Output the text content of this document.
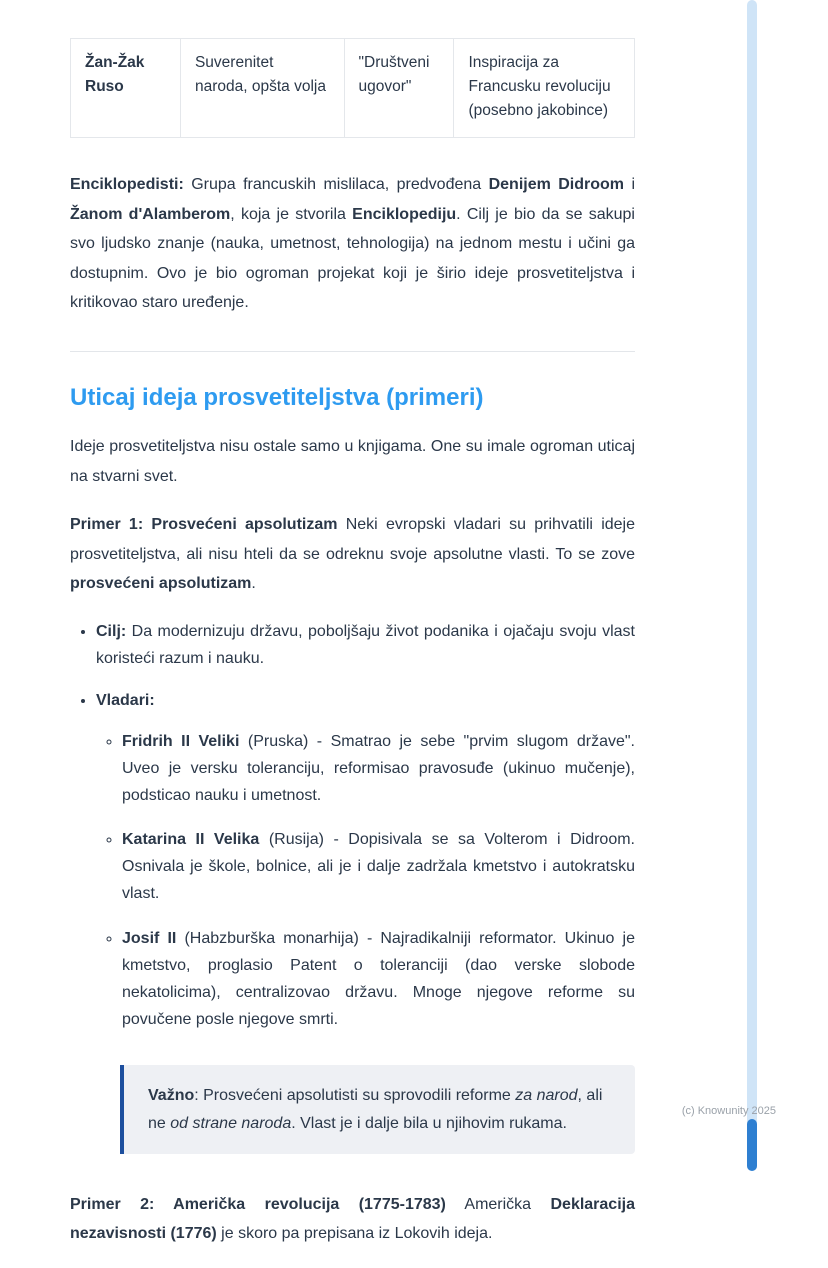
Žan-Žak Ruso	Suverenitet naroda, opšta volja	"Društveni ugovor"	Inspiracija za Francusku revoluciju (posebno jakobince)

Enciklopedisti: Grupa francuskih mislilaca, predvođena Denijem Didroom i Žanom d'Alamberom, koja je stvorila Enciklopediju. Cilj je bio da se sakupi svo ljudsko znanje (nauka, umetnost, tehnologija) na jednom mestu i učini ga dostupnim. Ovo je bio ogroman projekat koji je širio ideje prosvetiteljstva i kritikovao staro uređenje.

Uticaj ideja prosvetiteljstva (primeri)

Ideje prosvetiteljstva nisu ostale samo u knjigama. One su imale ogroman uticaj na stvarni svet.

Primer 1: Prosvećeni apsolutizam Neki evropski vladari su prihvatili ideje prosvetiteljstva, ali nisu hteli da se odreknu svoje apsolutne vlasti. To se zove prosvećeni apsolutizam.

• Cilj: Da modernizuju državu, poboljšaju život podanika i ojačaju svoju vlast koristeći razum i nauku.
• Vladari:
◦ Fridrih II Veliki (Pruska) - Smatrao je sebe "prvim slugom države". Uveo je versku toleranciju, reformisao pravosuđe (ukinuo mučenje), podsticao nauku i umetnost.
◦ Katarina II Velika (Rusija) - Dopisivala se sa Volterom i Didroom. Osnivala je škole, bolnice, ali je i dalje zadržala kmetstvo i autokratsku vlast.
◦ Josif II (Habzburška monarhija) - Najradikalniji reformator. Ukinuo je kmetstvo, proglasio Patent o toleranciji (dao verske slobode nekatolicima), centralizovao državu. Mnoge njegove reforme su povučene posle njegove smrti.
Važno: Prosvećeni apsolutisti su sprovodili reforme za narod, ali ne od strane naroda. Vlast je i dalje bila u njihovim rukama.

Primer 2: Američka revolucija (1775-1783) Američka Deklaracija nezavisnosti (1776) je skoro pa prepisana iz Lokovih ideja.

(c) Knowunity 2025
